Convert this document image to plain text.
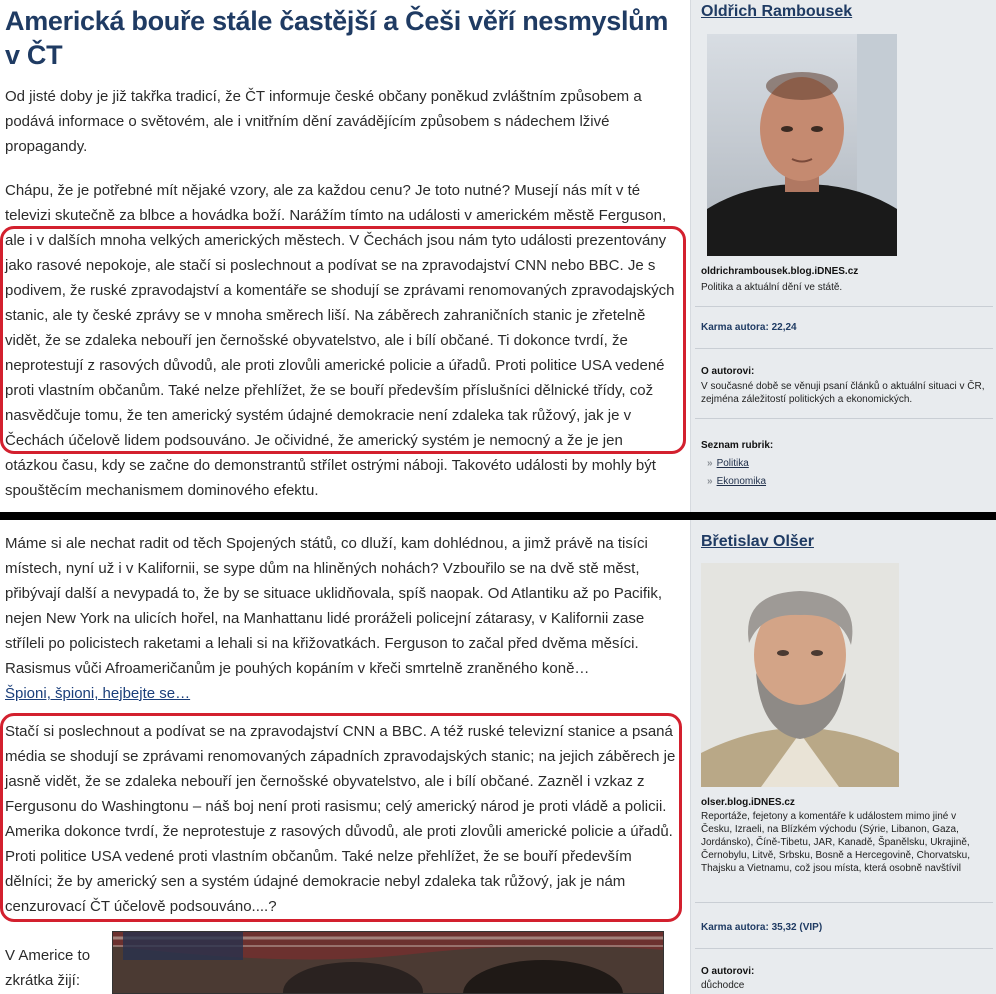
Americká bouře stále častější a Češi věří nesmyslům v ČT

Od jisté doby je již takřka tradicí, že ČT informuje české občany poněkud zvláštním způsobem a podává informace o světovém, ale i vnitřním dění zavádějícím způsobem s nádechem lživé propagandy.

Chápu, že je potřebné mít nějaké vzory, ale za každou cenu? Je toto nutné? Musejí nás mít v té televizi skutečně za blbce a hovádka boží. Narážím tímto na události v americkém městě Ferguson, ale i v dalších mnoha velkých amerických městech. V Čechách jsou nám tyto události prezentovány jako rasové nepokoje, ale stačí si poslechnout a podívat se na zpravodajství CNN nebo BBC. Je s podivem, že ruské zpravodajství a komentáře se shodují se zprávami renomovaných zpravodajských stanic, ale ty české zprávy se v mnoha směrech liší. Na záběrech zahraničních stanic je zřetelně vidět, že se zdaleka nebouří jen černošské obyvatelstvo, ale i bílí občané. Ti dokonce tvrdí, že neprotestují z rasových důvodů, ale proti zlovůli americké policie a úřadů. Proti politice USA vedené proti vlastním občanům. Také nelze přehlížet, že se bouří především příslušníci dělnické třídy, což nasvědčuje tomu, že ten americký systém údajné demokracie není zdaleka tak růžový, jak je v Čechách účelově lidem podsouváno. Je očividné, že americký systém je nemocný a že je jen otázkou času, kdy se začne do demonstrantů střílet ostrými náboji. Takovéto události by mohly být spouštěcím mechanismem dominového efektu.

Oldřich Rambousek
oldrichrambousek.blog.iDNES.cz
Politika a aktuální dění ve státě.
Karma autora: 22,24
O autorovi:
V současné době se věnuji psaní článků o aktuální situaci v ČR, zejména záležitostí politických a ekonomických.
Seznam rubrik:
» Politika
» Ekonomika

Máme si ale nechat radit od těch Spojených států, co dluží, kam dohlédnou, a jimž právě na tisíci místech, nyní už i v Kalifornii, se sype dům na hliněných nohách? Vzbouřilo se na dvě stě měst, přibývají další a nevypadá to, že by se situace uklidňovala, spíš naopak. Od Atlantiku až po Pacifik, nejen New York na ulicích hořel, na Manhattanu lidé proráželi policejní zátarasy, v Kalifornii zase stříleli po policistech raketami a lehali si na křižovatkách. Ferguson to začal před dvěma měsíci. Rasismus vůči Afroameričanům je pouhých kopáním v křeči smrtelně zraněného koně…

Špioni, špioni, hejbejte se…

Stačí si poslechnout a podívat se na zpravodajství CNN a BBC. A též ruské televizní stanice a psaná média se shodují se zprávami renomovaných západních zpravodajských stanic; na jejich záběrech je jasně vidět, že se zdaleka nebouří jen černošské obyvatelstvo, ale i bílí občané. Zazněl i vzkaz z Fergusonu do Washingtonu – náš boj není proti rasismu; celý americký národ je proti vládě a policii. Amerika dokonce tvrdí, že neprotestuje z rasových důvodů, ale proti zlovůli americké policie a úřadů. Proti politice USA vedené proti vlastním občanům. Také nelze přehlížet, že se bouří především dělníci; že by americký sen a systém údajné demokracie nebyl zdaleka tak růžový, jak je nám cenzurovací ČT účelově podsouváno....?

V Americe to zkrátka žijí:

Břetislav Olšer
olser.blog.iDNES.cz
Reportáže, fejetony a komentáře k událostem mimo jiné v Česku, Izraeli, na Blízkém východu (Sýrie, Libanon, Gaza, Jordánsko), Číně-Tibetu, JAR, Kanadě, Španělsku, Ukrajině, Černobylu, Litvě, Srbsku, Bosně a Hercegovině, Chorvatsku, Thajsku a Vietnamu, což jsou místa, která osobně navštívil
Karma autora: 35,32 (VIP)
O autorovi:
důchodce
